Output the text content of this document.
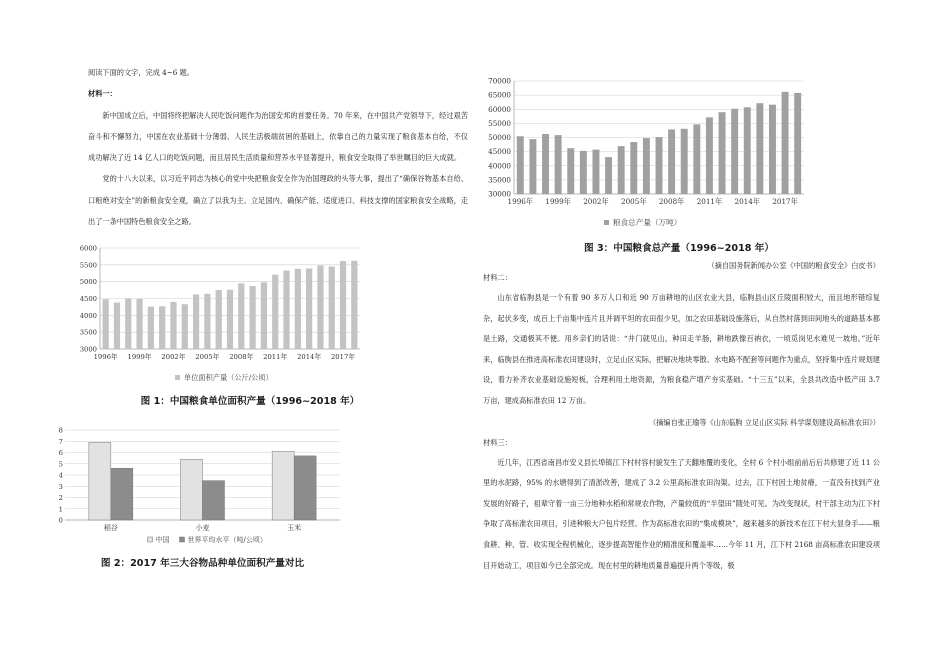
阅读下面的文字，完成 4~6 题。

材料一：

新中国成立后，中国将终把解决人民吃饭问题作为治国安邦的首要任务。70 年来，在中国共产党领导下，经过艰苦奋斗和不懈努力，中国在农业基础十分薄弱、人民生活极端贫困的基础上，依靠自己的力量实现了粮食基本自给，不仅成功解决了近 14 亿人口的吃饭问题，而且居民生活质量和营养水平显著提升，粮食安全取得了举世瞩目的巨大成就。

党的十八大以来，以习近平同志为核心的党中央把粮食安全作为治国理政的头等大事，提出了“确保谷物基本自给、口粮绝对安全”的新粮食安全观，确立了以我为主、立足国内、确保产能、适度进口、科技支撑的国家粮食安全战略，走出了一条中国特色粮食安全之路。

3000
3500
4000
4500
5000
5500
6000
1996年 1999年 2002年 2005年 2008年 2011年 2014年 2017年
单位面积产量（公斤/公顷）

图 1：中国粮食单位面积产量（1996~2018 年）

0
1
2
3
4
5
6
7
8
稻谷	小麦	玉米
中国	世界平均水平（吨/公顷）

图 2：2017 年三大谷物品种单位面积产量对比

30000
35000
40000
45000
50000
55000
60000
65000
70000
1996年 1999年 2002年 2005年 2008年 2011年 2014年 2017年
粮食总产量（万吨）

图 3：中国粮食总产量（1996~2018 年）

（摘自国务院新闻办公室《中国的粮食安全》白皮书）

材料二：

山东省临朐县是一个有着 90 多万人口和近 90 万亩耕地的山区农业大县，临朐县山区丘陵面积较大，而且地形错综复杂，起伏多变，成百上千亩集中连片且并调平坦的农田很少见，加之农田基础设施落后，从自然村落到田间地头的道路基本都是土路，交通极其不便。用乡亲们的话说：“井门就见山，种田走羊肠，耕地跌像百衲衣，一顷觅岗见水难见一坡地。”近年来，临朐县在推进高标准农田建设时，立足山区实际，把解决地块零散、水电路不配套等问题作为重点，坚持集中连片规划建设，着力补齐农业基础设施短板，合理利用土地资源，为粮食稳产增产夯实基础。“十三五”以来，全县共改造中低产田 3.7 万亩，建成高标准农田 12 万亩。

（摘编自张正瑜等《山东临朐 立足山区实际 科学谋划建设高标准农田》）

材料三：

近几年，江西省南昌市安义县长埠镇江下村村容村貌发生了天翻地覆的变化，全村 6 个村小组前前后后共修建了近 11 公里的水泥路，95% 的水塘得到了清淤改善，建成了 3.2 公里高标准农田沟渠。过去，江下村因土地贫瘠，一直没有找到产业发展的好路子，祖辈守着一亩三分地种水稻和常规农作物，产量较低的“半望田”随处可见。为改变现状，村干部主动为江下村争取了高标准农田项目，引进种粮大户包片经营。作为高标准农田的“集成模块”，越来越多的新技术在江下村大显身手——粮食耕、种、管、收实现全程机械化，逐步提高智能作业的精准度和覆盖率……今年 11 月，江下村 2168 亩高标准农田建设项目开始动工，项目如今已全部完成。现在村里的耕地质量普遍提升两个等级，极
